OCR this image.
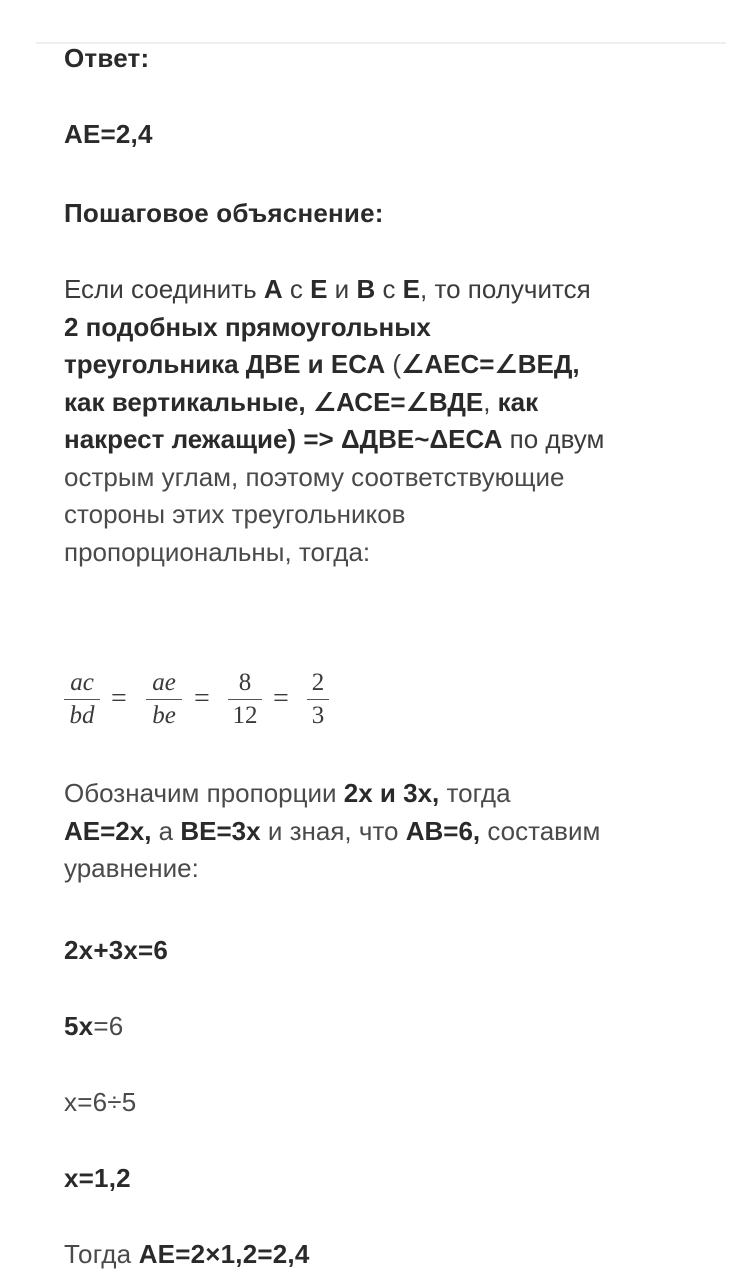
Ответ:
AE=2,4
Пошаговое объяснение:
Если соединить А с Е и В с Е, то получится
2 подобных прямоугольных
треугольника ДВЕ и ЕСА (∠АЕС=∠ВЕД,
как вертикальные, ∠АСЕ=∠ВДЕ, как
накрест лежащие) => ΔДВЕ~ΔЕСА по двум
острым углам, поэтому соответствующие
стороны этих треугольников
пропорциональны, тогда:
$\frac{ac}{bd} = \frac{ae}{be} = \frac{8}{12} = \frac{2}{3}$
Обозначим пропорции 2х и 3х, тогда
АЕ=2х, а ВЕ=3х и зная, что АВ=6, составим
уравнение:
2х+3х=6
5х=6
х=6÷5
х=1,2
Тогда АЕ=2×1,2=2,4
